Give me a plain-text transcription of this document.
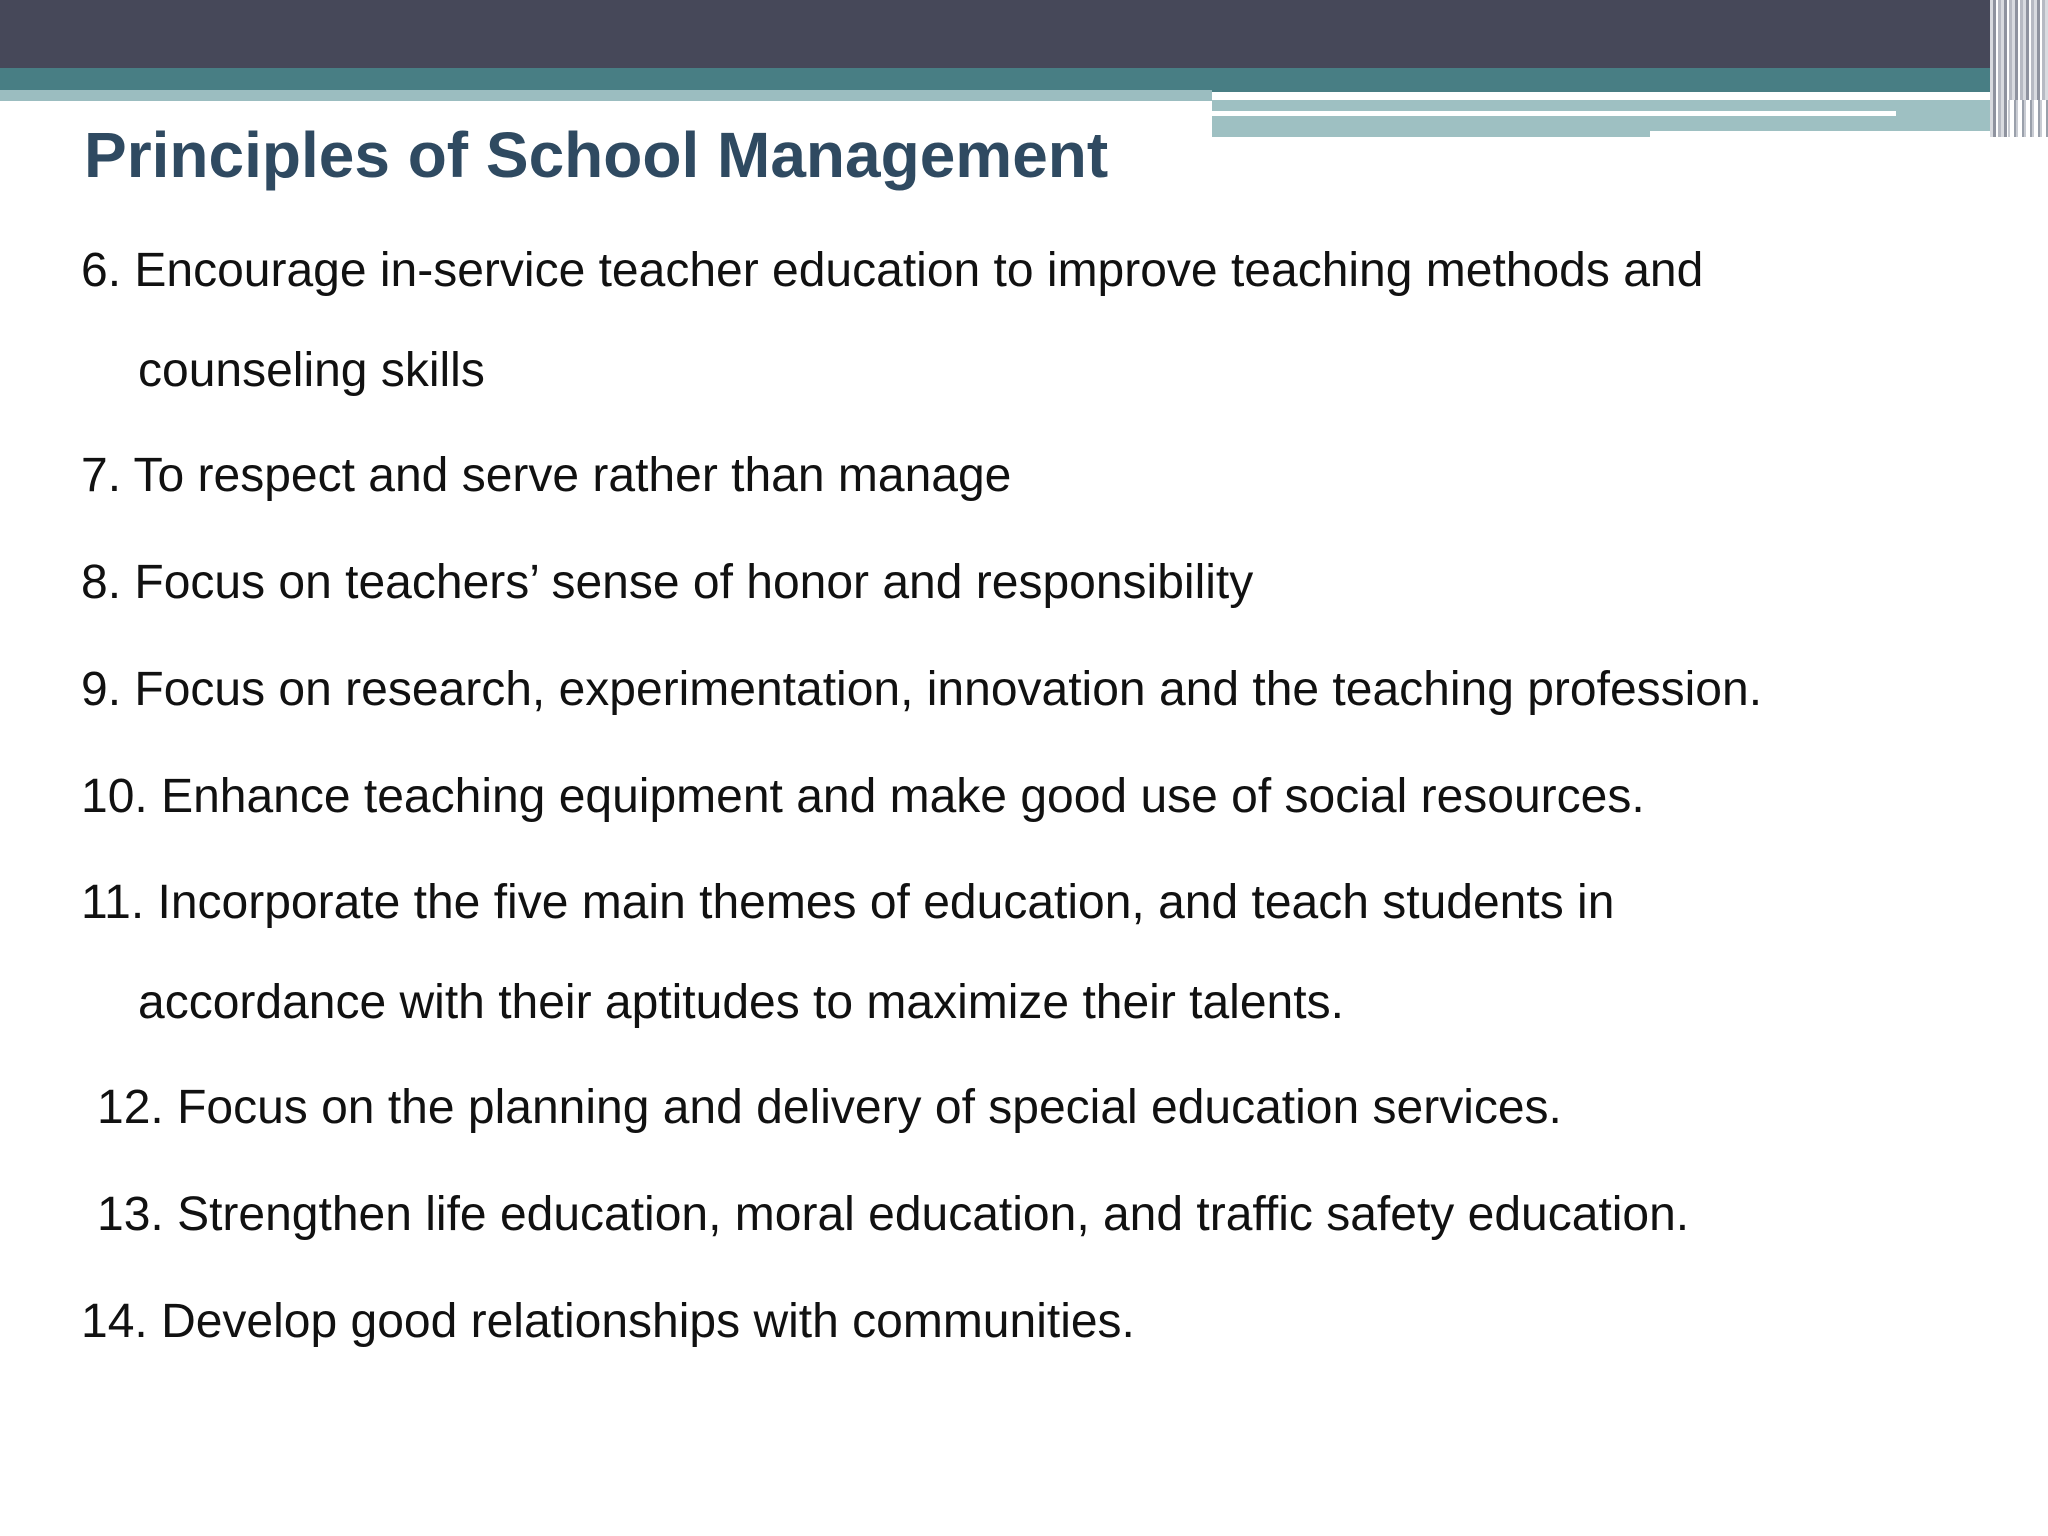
Principles of School Management
6. Encourage in-service teacher education to improve teaching methods and
counseling skills
7. To respect and serve rather than manage
8. Focus on teachers’ sense of honor and responsibility
9. Focus on research, experimentation, innovation and the teaching profession.
10. Enhance teaching equipment and make good use of social resources.
11. Incorporate the five main themes of education, and teach students in
accordance with their aptitudes to maximize their talents.
12. Focus on the planning and delivery of special education services.
13. Strengthen life education, moral education, and traffic safety education.
14. Develop good relationships with communities.
